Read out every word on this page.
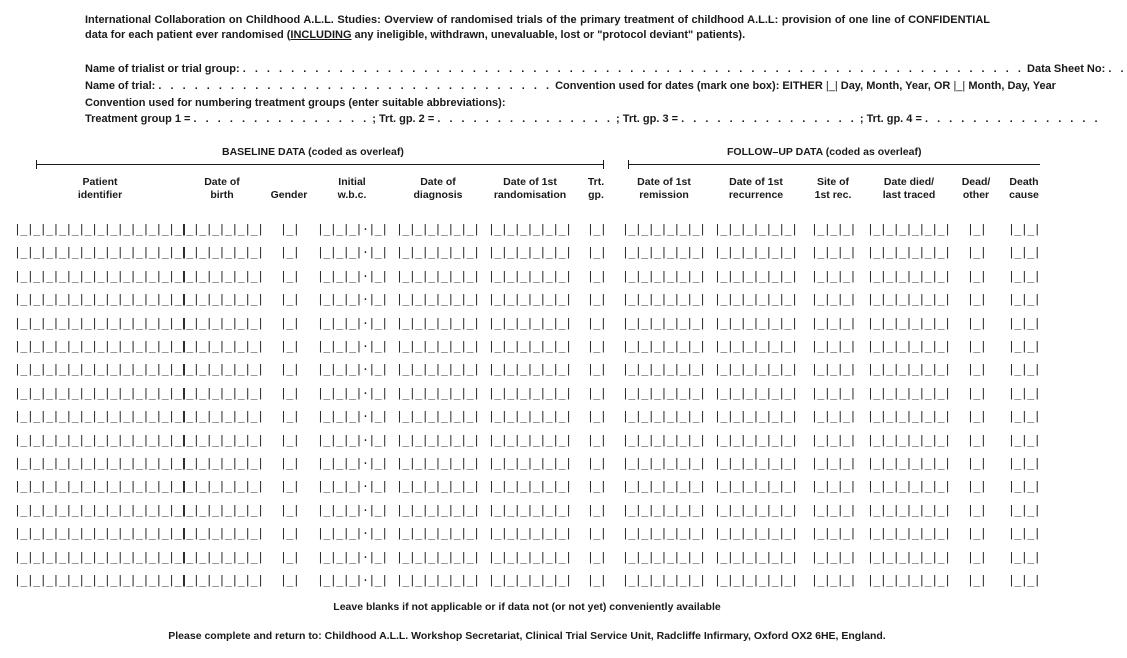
International Collaboration on Childhood A.L.L. Studies: Overview of randomised trials of the primary treatment of childhood A.L.L: provision of one line of CONFIDENTIAL data for each patient ever randomised (INCLUDING any ineligible, withdrawn, unevaluable, lost or "protocol deviant" patients).
Name of trialist or trial group: . . . . . . . . . . . . . . . . . . . . . . . . . . . . . . . . . . . . . . . . . . . . . . . . . . . . . . . . . . . . . . . . . Data Sheet No: . .
Name of trial: . . . . . . . . . . . . . . . . . . . . . . . . . . . . . . . . . Convention used for dates (mark one box): EITHER |_| Day, Month, Year, OR |_| Month, Day, Year
Convention used for numbering treatment groups (enter suitable abbreviations):
Treatment group 1 = . . . . . . . . . . . . . . . ; Trt. gp. 2 = . . . . . . . . . . . . . . . ; Trt. gp. 3 = . . . . . . . . . . . . . . . ; Trt. gp. 4 = . . . . . . . . . . . . . . .
BASELINE DATA (coded as overleaf)	FOLLOW–UP DATA (coded as overleaf)
Patient
identifier
Date of
birth	Gender
Initial
w.b.c.
Date of
diagnosis
Date of 1st
randomisation
Trt.
gp.
Date of 1st
remission
Date of 1st
recurrence
Site of
1st rec.
Date died/
last traced
Dead/
other
Death
cause
|_|_|_|_|_|_|_|_|_|_|_|_|_|
|_|_|_|_|_|_| |_| |_|_|_|·|_| |_|_|_|_|_|_| |_|_|_|_|_|_| |_| |_|_|_|_|_|_| |_|_|_|_|_|_| |_|_|_| |_|_|_|_|_|_| |_| |_|_|
|_|_|_|_|_|_|_|_|_|_|_|_|_|
|_|_|_|_|_|_| |_| |_|_|_|·|_| |_|_|_|_|_|_| |_|_|_|_|_|_| |_| |_|_|_|_|_|_| |_|_|_|_|_|_| |_|_|_| |_|_|_|_|_|_| |_| |_|_|
|_|_|_|_|_|_|_|_|_|_|_|_|_|
|_|_|_|_|_|_| |_| |_|_|_|·|_| |_|_|_|_|_|_| |_|_|_|_|_|_| |_| |_|_|_|_|_|_| |_|_|_|_|_|_| |_|_|_| |_|_|_|_|_|_| |_| |_|_|
|_|_|_|_|_|_|_|_|_|_|_|_|_|
|_|_|_|_|_|_| |_| |_|_|_|·|_| |_|_|_|_|_|_| |_|_|_|_|_|_| |_| |_|_|_|_|_|_| |_|_|_|_|_|_| |_|_|_| |_|_|_|_|_|_| |_| |_|_|
|_|_|_|_|_|_|_|_|_|_|_|_|_|
|_|_|_|_|_|_| |_| |_|_|_|·|_| |_|_|_|_|_|_| |_|_|_|_|_|_| |_| |_|_|_|_|_|_| |_|_|_|_|_|_| |_|_|_| |_|_|_|_|_|_| |_| |_|_|
|_|_|_|_|_|_|_|_|_|_|_|_|_|
|_|_|_|_|_|_| |_| |_|_|_|·|_| |_|_|_|_|_|_| |_|_|_|_|_|_| |_| |_|_|_|_|_|_| |_|_|_|_|_|_| |_|_|_| |_|_|_|_|_|_| |_| |_|_|
|_|_|_|_|_|_|_|_|_|_|_|_|_|
|_|_|_|_|_|_| |_| |_|_|_|·|_| |_|_|_|_|_|_| |_|_|_|_|_|_| |_| |_|_|_|_|_|_| |_|_|_|_|_|_| |_|_|_| |_|_|_|_|_|_| |_| |_|_|
|_|_|_|_|_|_|_|_|_|_|_|_|_|
|_|_|_|_|_|_| |_| |_|_|_|·|_| |_|_|_|_|_|_| |_|_|_|_|_|_| |_| |_|_|_|_|_|_| |_|_|_|_|_|_| |_|_|_| |_|_|_|_|_|_| |_| |_|_|
|_|_|_|_|_|_|_|_|_|_|_|_|_|
|_|_|_|_|_|_| |_| |_|_|_|·|_| |_|_|_|_|_|_| |_|_|_|_|_|_| |_| |_|_|_|_|_|_| |_|_|_|_|_|_| |_|_|_| |_|_|_|_|_|_| |_| |_|_|
|_|_|_|_|_|_|_|_|_|_|_|_|_|
|_|_|_|_|_|_| |_| |_|_|_|·|_| |_|_|_|_|_|_| |_|_|_|_|_|_| |_| |_|_|_|_|_|_| |_|_|_|_|_|_| |_|_|_| |_|_|_|_|_|_| |_| |_|_|
|_|_|_|_|_|_|_|_|_|_|_|_|_|
|_|_|_|_|_|_| |_| |_|_|_|·|_| |_|_|_|_|_|_| |_|_|_|_|_|_| |_| |_|_|_|_|_|_| |_|_|_|_|_|_| |_|_|_| |_|_|_|_|_|_| |_| |_|_|
|_|_|_|_|_|_|_|_|_|_|_|_|_|
|_|_|_|_|_|_| |_| |_|_|_|·|_| |_|_|_|_|_|_| |_|_|_|_|_|_| |_| |_|_|_|_|_|_| |_|_|_|_|_|_| |_|_|_| |_|_|_|_|_|_| |_| |_|_|
|_|_|_|_|_|_|_|_|_|_|_|_|_|
|_|_|_|_|_|_| |_| |_|_|_|·|_| |_|_|_|_|_|_| |_|_|_|_|_|_| |_| |_|_|_|_|_|_| |_|_|_|_|_|_| |_|_|_| |_|_|_|_|_|_| |_| |_|_|
|_|_|_|_|_|_|_|_|_|_|_|_|_|
|_|_|_|_|_|_| |_| |_|_|_|·|_| |_|_|_|_|_|_| |_|_|_|_|_|_| |_| |_|_|_|_|_|_| |_|_|_|_|_|_| |_|_|_| |_|_|_|_|_|_| |_| |_|_|
|_|_|_|_|_|_|_|_|_|_|_|_|_|
|_|_|_|_|_|_| |_| |_|_|_|·|_| |_|_|_|_|_|_| |_|_|_|_|_|_| |_| |_|_|_|_|_|_| |_|_|_|_|_|_| |_|_|_| |_|_|_|_|_|_| |_| |_|_|
|_|_|_|_|_|_|_|_|_|_|_|_|_|
|_|_|_|_|_|_| |_| |_|_|_|·|_| |_|_|_|_|_|_| |_|_|_|_|_|_| |_| |_|_|_|_|_|_| |_|_|_|_|_|_| |_|_|_| |_|_|_|_|_|_| |_| |_|_|
Leave blanks if not applicable or if data not (or not yet) conveniently available
Please complete and return to: Childhood A.L.L. Workshop Secretariat, Clinical Trial Service Unit, Radcliffe Infirmary, Oxford OX2 6HE, England.
